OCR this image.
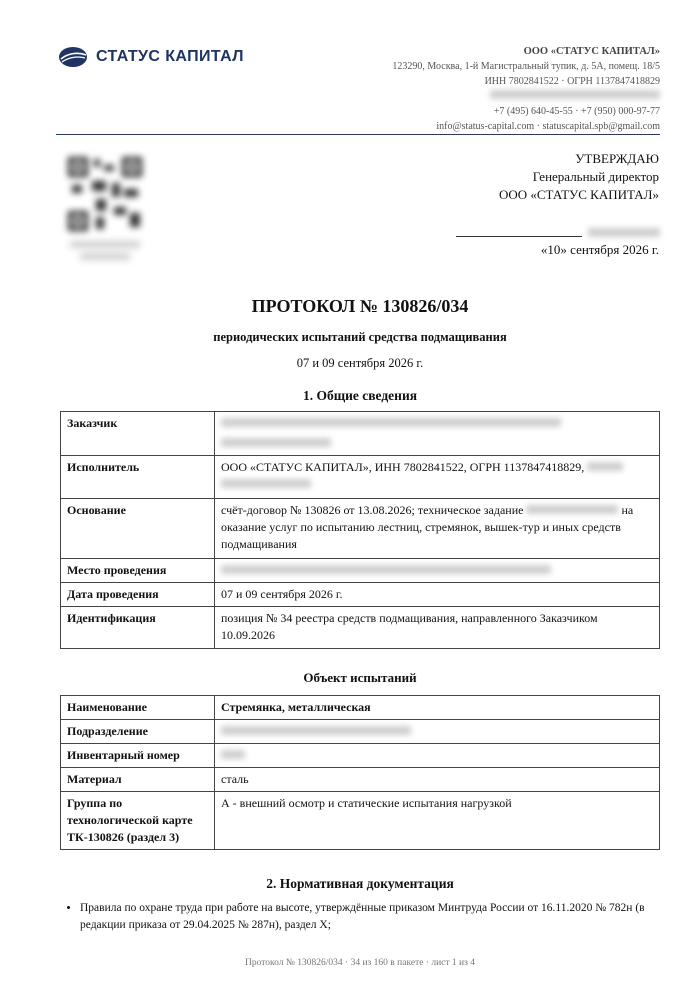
СТАТУС КАПИТАЛ	ООО «СТАТУС КАПИТАЛ»
123290, Москва, 1-й Магистральный тупик, д. 5А, помещ. 18/5
ИНН 7802841522 · ОГРН 1137847418829
+7 (495) 640-45-55 · +7 (950) 000-97-77
info@status-capital.com · statuscapital.spb@gmail.com

УТВЕРЖДАЮ
Генеральный директор
ООО «СТАТУС КАПИТАЛ»
«10» сентября 2026 г.
ПРОТОКОЛ № 130826/034
периодических испытаний средства подмащивания
07 и 09 сентября 2026 г.
1. Общие сведения
Заказчик	

Исполнитель	ООО «СТАТУС КАПИТАЛ», ИНН 7802841522, ОГРН 1137847418829,

Основание	счёт-договор № 130826 от 13.08.2026; техническое задание на оказание услуг по испытанию лестниц, стремянок, вышек-тур и иных средств подмащивания
Место проведения	
Дата проведения	07 и 09 сентября 2026 г.
Идентификация	позиция № 34 реестра средств подмащивания, направленного Заказчиком 10.09.2026
Объект испытаний
Наименование	Стремянка, металлическая
Подразделение	
Инвентарный номер	
Материал	сталь
Группа по технологической карте ТК-130826 (раздел 3)	А - внешний осмотр и статические испытания нагрузкой
2. Нормативная документация
• Правила по охране труда при работе на высоте, утверждённые приказом Минтруда России от 16.11.2020 № 782н (в редакции приказа от 29.04.2025 № 287н), раздел X;
Протокол № 130826/034 · 34 из 160 в пакете · лист 1 из 4
